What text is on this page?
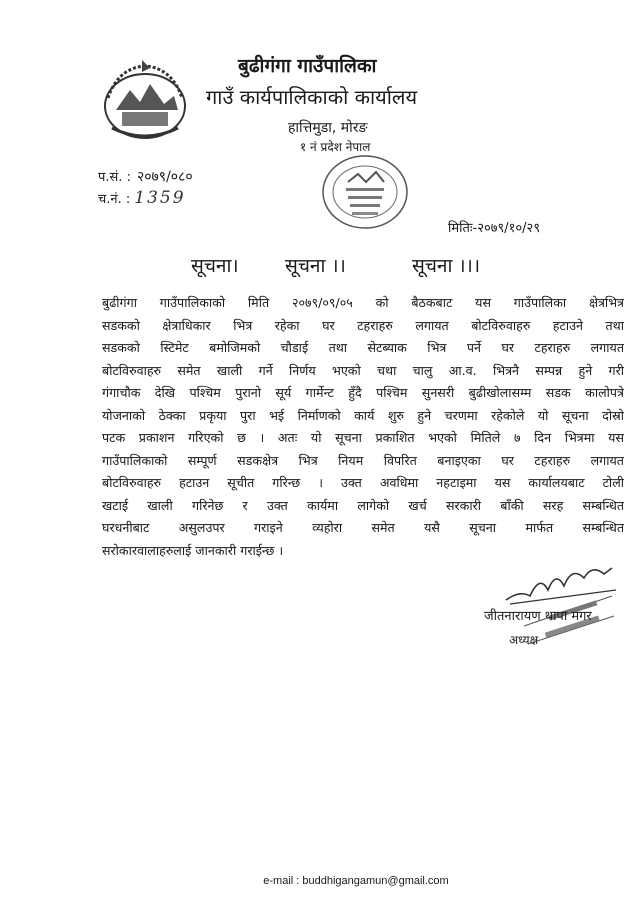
बुढीगंगा गाउँपालिका
गाउँ कार्यपालिकाको कार्यालय
हात्तिमुडा, मोरङ
१ नं प्रदेश नेपाल
प.सं. : २०७९/०८०
च.नं. : 1359
मितिः-२०७९/१०/२९
सूचना। सूचना ।।	सूचना ।।।
बुढीगंगा गाउँपालिकाको मिति २०७९/०९/०५ को बैठकबाट यस गाउँपालिका क्षेत्रभित्र
सडकको क्षेत्राधिकार भित्र रहेका घर टहराहरु लगायत बोटविरुवाहरु हटाउने तथा
सडकको स्टिमेट बमोजिमको चौडाई तथा सेटब्याक भित्र पर्ने घर टहराहरु लगायत
बोटविरुवाहरु समेत खाली गर्ने निर्णय भएको चथा चालु आ.व. भित्रनै सम्पन्न हुने गरी
गंगाचौक देखि पश्चिम पुरानो सूर्य गार्मेन्ट हुँदै पश्चिम सुनसरी बुढीखोलासम्म सडक कालोपत्रे
योजनाको ठेक्का प्रकृया पुरा भई निर्माणको कार्य शुरु हुने चरणमा रहेकोले यो सूचना दोस्रो
पटक प्रकाशन गरिएको छ । अतः यो सूचना प्रकाशित भएको मितिले ७ दिन भित्रमा यस
गाउँपालिकाको सम्पूर्ण सडकक्षेत्र भित्र नियम विपरित बनाइएका घर टहराहरु लगायत
बोटविरुवाहरु हटाउन सूचीत गरिन्छ । उक्त अवधिमा नहटाइमा यस कार्यालयबाट टोली
खटाई खाली गरिनेछ र उक्त कार्यमा लागेको खर्च सरकारी बाँकी सरह सम्बन्धित
घरधनीबाट असुलउपर गराइने व्यहोरा समेत यसै सूचना मार्फत सम्बन्धित
सरोकारवालाहरुलाई जानकारी गराईन्छ ।
जीतनारायण थापा मगर
अध्यक्ष
e-mail : buddhigangamun@gmail.com
